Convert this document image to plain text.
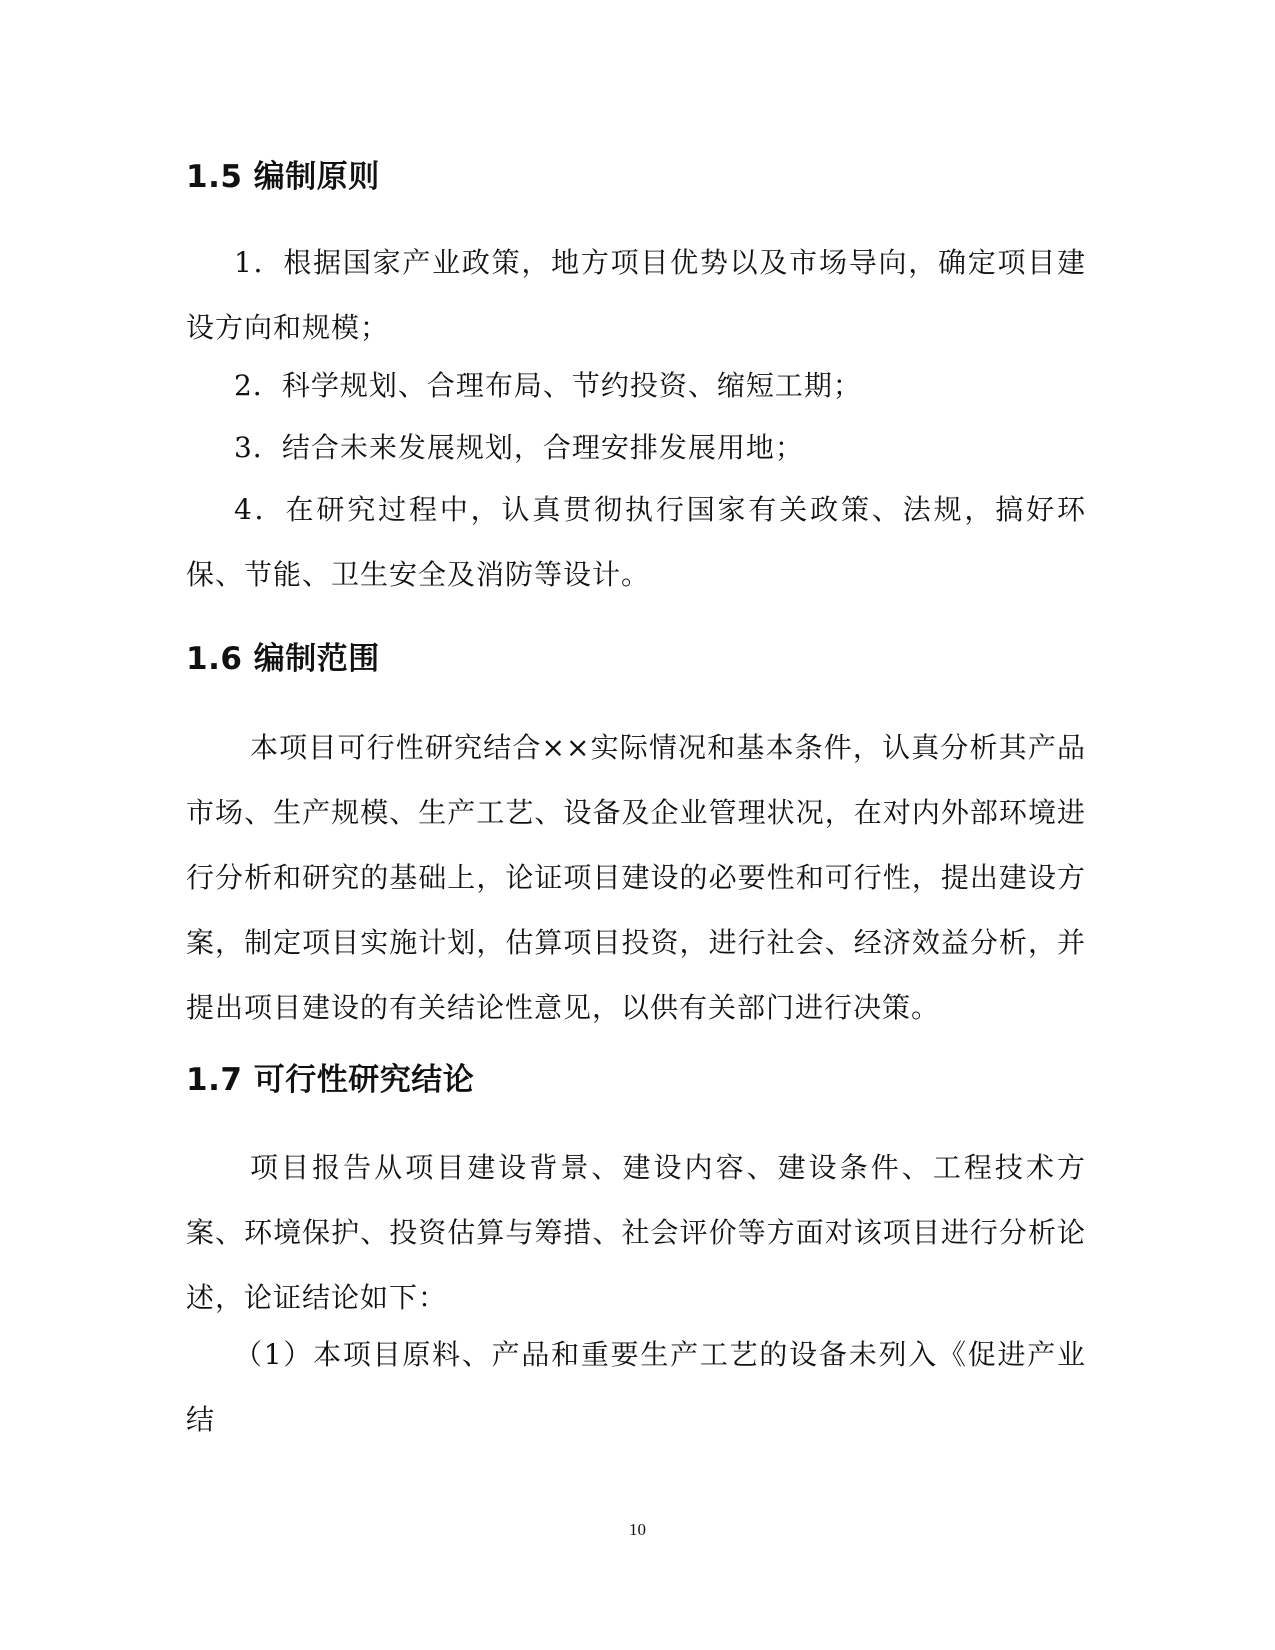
1.5 编制原则

1．根据国家产业政策，地方项目优势以及市场导向，确定项目建设方向和规模；

2．科学规划、合理布局、节约投资、缩短工期；

3．结合未来发展规划，合理安排发展用地；

4．在研究过程中，认真贯彻执行国家有关政策、法规，搞好环保、节能、卫生安全及消防等设计。

1.6 编制范围

本项目可行性研究结合××实际情况和基本条件，认真分析其产品市场、生产规模、生产工艺、设备及企业管理状况，在对内外部环境进行分析和研究的基础上，论证项目建设的必要性和可行性，提出建设方案，制定项目实施计划，估算项目投资，进行社会、经济效益分析，并提出项目建设的有关结论性意见，以供有关部门进行决策。

1.7 可行性研究结论

项目报告从项目建设背景、建设内容、建设条件、工程技术方案、环境保护、投资估算与筹措、社会评价等方面对该项目进行分析论述，论证结论如下：

（1）本项目原料、产品和重要生产工艺的设备未列入《促进产业结

10
